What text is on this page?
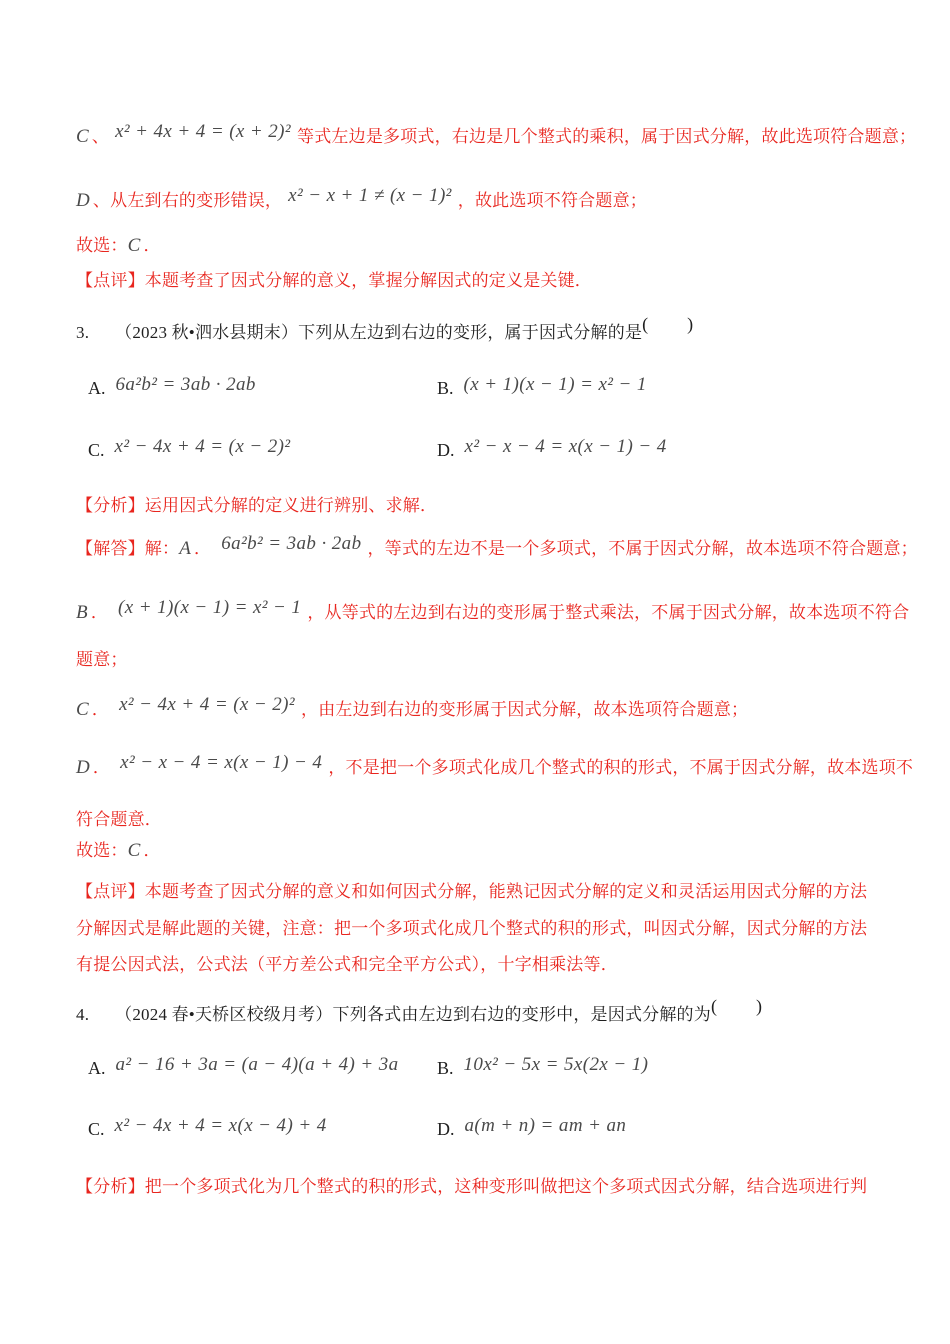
C 、 x² + 4x + 4 = (x + 2)² 等式左边是多项式，右边是几个整式的乘积，属于因式分解，故此选项符合题意；
D 、从左到右的变形错误， x² − x + 1 ≠ (x − 1)² ，故此选项不符合题意；
故选：C ．
【点评】本题考查了因式分解的意义，掌握分解因式的定义是关键．
3. （2023 秋•泗水县期末）下列从左边到右边的变形，属于因式分解的是(　　)
A. 6a²b² = 3ab · 2ab	B. (x + 1)(x − 1) = x² − 1
C. x² − 4x + 4 = (x − 2)²	D. x² − x − 4 = x(x − 1) − 4
【分析】运用因式分解的定义进行辨别、求解．
【解答】解：A ． 6a²b² = 3ab · 2ab ，等式的左边不是一个多项式，不属于因式分解，故本选项不符合题意；
B ． (x + 1)(x − 1) = x² − 1 ，从等式的左边到右边的变形属于整式乘法，不属于因式分解，故本选项不符合
题意；
C ． x² − 4x + 4 = (x − 2)² ，由左边到右边的变形属于因式分解，故本选项符合题意；
D ． x² − x − 4 = x(x − 1) − 4 ，不是把一个多项式化成几个整式的积的形式，不属于因式分解，故本选项不
符合题意．
故选：C ．
【点评】本题考查了因式分解的意义和如何因式分解，能熟记因式分解的定义和灵活运用因式分解的方法
分解因式是解此题的关键，注意：把一个多项式化成几个整式的积的形式，叫因式分解，因式分解的方法
有提公因式法，公式法（平方差公式和完全平方公式），十字相乘法等．
4. （2024 春•天桥区校级月考）下列各式由左边到右边的变形中，是因式分解的为(　　)
A. a² − 16 + 3a = (a − 4)(a + 4) + 3a	B. 10x² − 5x = 5x(2x − 1)
C. x² − 4x + 4 = x(x − 4) + 4	D. a(m + n) = am + an
【分析】把一个多项式化为几个整式的积的形式，这种变形叫做把这个多项式因式分解，结合选项进行判
